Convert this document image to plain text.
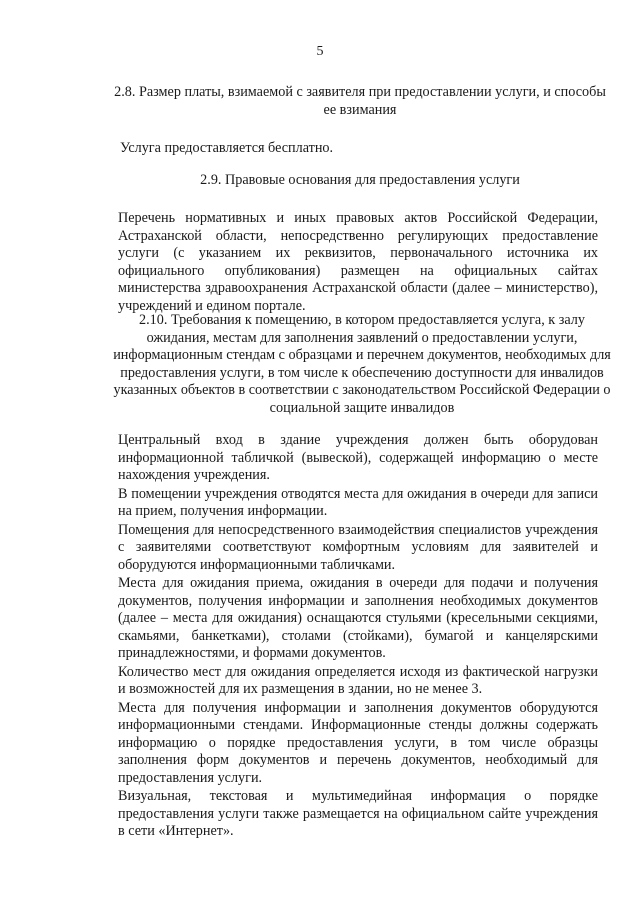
5
2.8. Размер платы, взимаемой с заявителя при предоставлении услуги, и способы ее взимания
Услуга предоставляется бесплатно.
2.9. Правовые основания для предоставления услуги

Перечень нормативных и иных правовых актов Российской Федерации, Астраханской области, непосредственно регулирующих предоставление услуги (с указанием их реквизитов, первоначального источника их официального опубликования) размещен на официальных сайтах министерства здравоохранения Астраханской области (далее – министерство), учреждений и едином портале.

2.10. Требования к помещению, в котором предоставляется услуга, к залу ожидания, местам для заполнения заявлений о предоставлении услуги, информационным стендам с образцами и перечнем документов, необходимых для предоставления услуги, в том числе к обеспечению доступности для инвалидов указанных объектов в соответствии с законодательством Российской Федерации о социальной защите инвалидов

Центральный вход в здание учреждения должен быть оборудован информационной табличкой (вывеской), содержащей информацию о месте нахождения учреждения.

В помещении учреждения отводятся места для ожидания в очереди для записи на прием, получения информации.

Помещения для непосредственного взаимодействия специалистов учреждения с заявителями соответствуют комфортным условиям для заявителей и оборудуются информационными табличками.

Места для ожидания приема, ожидания в очереди для подачи и получения документов, получения информации и заполнения необходимых документов (далее – места для ожидания) оснащаются стульями (кресельными секциями, скамьями, банкетками), столами (стойками), бумагой и канцелярскими принадлежностями, и формами документов.

Количество мест для ожидания определяется исходя из фактической нагрузки и возможностей для их размещения в здании, но не менее 3.

Места для получения информации и заполнения документов оборудуются информационными стендами. Информационные стенды должны содержать информацию о порядке предоставления услуги, в том числе образцы заполнения форм документов и перечень документов, необходимый для предоставления услуги.

Визуальная, текстовая и мультимедийная информация о порядке предоставления услуги также размещается на официальном сайте учреждения в сети «Интернет».
